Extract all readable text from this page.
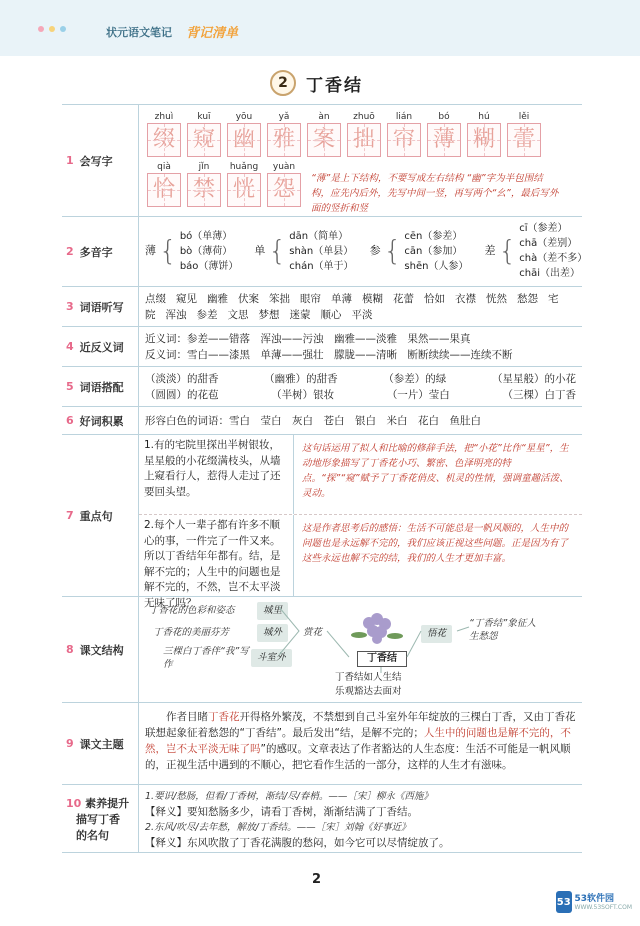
状元语文笔记 背记清单
2	丁香结
1 会写字
zhuì
缀
kuī
窥
yōu
幽
yǎ
雅
àn
案
zhuō
拙
lián
帘
bó
薄
hú
糊
lěi
蕾
qià
恰
jǐn
禁
huǎng
恍
yuàn
怨	“薄”是上下结构，不要写成左右结构 “幽”字为半包围结构，应先内后外，先写中间一竖，再写两个“幺”，最后写外面的竖折和竖
2 多音字	薄 { bó（单薄）
bò（薄荷）
báo（薄饼）
单 { dān（简单）
shàn（单县）
chán（单于）
参 { cēn（参差）
cān（参加）
shēn（人参）
差 {
cī（参差）
chā（差别）
chà（差不多）
chāi（出差）
3 词语听写
点缀 窥见 幽雅 伏案 笨拙 眼帘 单薄 模糊 花蕾 恰如 衣襟 恍然 愁怨 宅院 浑浊 参差 文思 梦想 迷蒙 顺心 平淡
4 近反义词
近义词：参差——错落　浑浊——污浊　幽雅——淡雅　果然——果真
反义词：雪白——漆黑　单薄——强壮　朦胧——清晰　断断续续——连续不断
5 词语搭配
（淡淡）的甜香	（幽雅）的甜香	（参差）的绿	（星星般）的小花
（圆圆）的花苞	（半树）银妆	（一片）莹白	（三棵）白丁香
6 好词积累	形容白色的词语：雪白　莹白　灰白　苍白　银白　米白　花白　鱼肚白
7 重点句
1.有的宅院里探出半树银妆，星星般的小花缀满枝头，从墙上窥看行人，惹得人走过了还要回头望。
这句话运用了拟人和比喻的修辞手法，把“小花”比作“星星”，生动地形象描写了丁香花小巧、繁密、色泽明亮的特点。“探”“窥”赋予了丁香花俏皮、机灵的性情，强调童趣活泼、灵动。
2.每个人一辈子都有许多不顺心的事，一件完了一件又来。所以丁香结年年都有。结，是解不完的；人生中的问题也是解不完的，不然，岂不太平淡无味了吗？
这是作者思考后的感悟：生活不可能总是一帆风顺的，人生中的问题也是永远解不完的，我们应该正视这些问题。正是因为有了这些永远也解不完的结，我们的人生才更加丰富。
8 课文结构
丁香花的色彩和姿态	城里
丁香花的美丽芬芳	城外
三棵白丁香伴“我”写作
斗室外
赏花
丁香结
悟花
“丁香结”象征人生愁怨
丁香结如人生结
乐观豁达去面对
9 课文主题
作者目睹丁香花开得格外繁茂，不禁想到自己斗室外年年绽放的三棵白丁香，又由丁香花联想起象征着愁怨的“丁香结”。最后发出“结，是解不完的；人生中的问题也是解不完的，不然，岂不太平淡无味了吗”的感叹。文章表达了作者豁达的人生态度：生活不可能是一帆风顺的，正视生活中遇到的不顺心，把它看作生活的一部分，这样的人生才有滋味。
10 素养提升
描写丁香
的名句
1.要识/愁肠，但看/丁香树，渐结/尽/春梢。——［宋］柳永《西施》
【释义】要知愁肠多少，请看丁香树，渐渐结满了丁香结。
2.东风/吹尽/去年愁，解放/丁香结。——［宋］刘翰《好事近》
【释义】东风吹散了丁香花满腹的愁闷，如今它可以尽情绽放了。
2
53 53软件园
WWW.53SOFT.COM
